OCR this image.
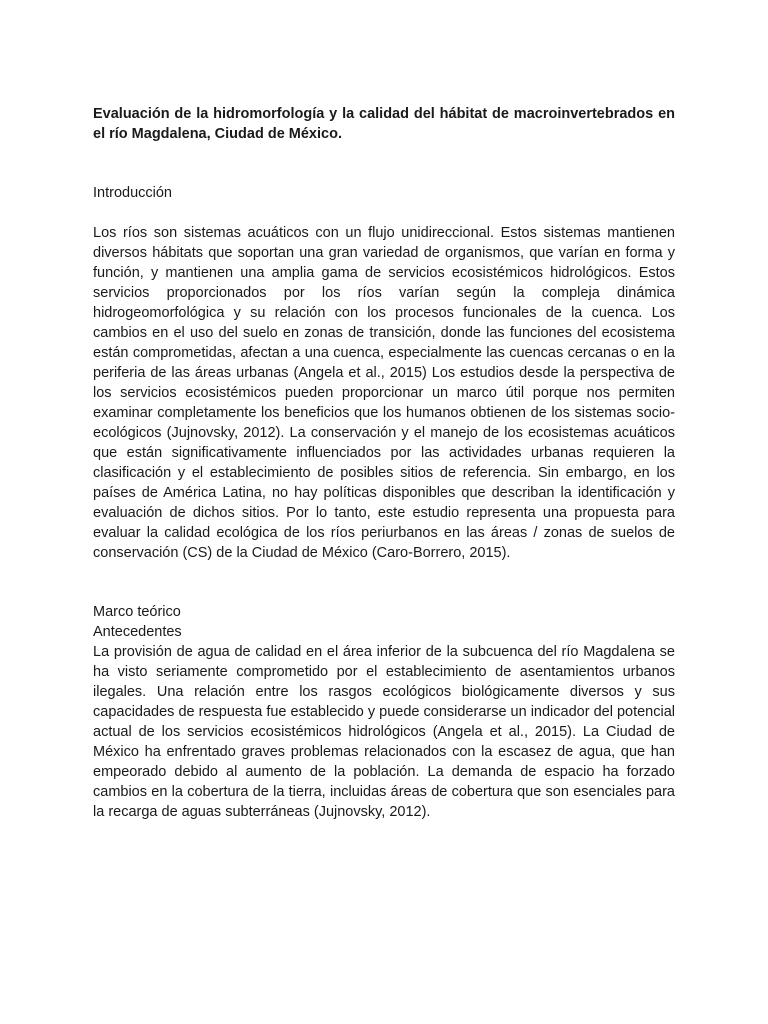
Evaluación de la hidromorfología y la calidad del hábitat de macroinvertebrados en el río Magdalena, Ciudad de México.

Introducción

Los ríos son sistemas acuáticos con un flujo unidireccional. Estos sistemas mantienen diversos hábitats que soportan una gran variedad de organismos, que varían en forma y función, y mantienen una amplia gama de servicios ecosistémicos hidrológicos. Estos servicios proporcionados por los ríos varían según la compleja dinámica hidrogeomorfológica y su relación con los procesos funcionales de la cuenca. Los cambios en el uso del suelo en zonas de transición, donde las funciones del ecosistema están comprometidas, afectan a una cuenca, especialmente las cuencas cercanas o en la periferia de las áreas urbanas (Angela et al., 2015) Los estudios desde la perspectiva de los servicios ecosistémicos pueden proporcionar un marco útil porque nos permiten examinar completamente los beneficios que los humanos obtienen de los sistemas socio-ecológicos (Jujnovsky, 2012). La conservación y el manejo de los ecosistemas acuáticos que están significativamente influenciados por las actividades urbanas requieren la clasificación y el establecimiento de posibles sitios de referencia. Sin embargo, en los países de América Latina, no hay políticas disponibles que describan la identificación y evaluación de dichos sitios. Por lo tanto, este estudio representa una propuesta para evaluar la calidad ecológica de los ríos periurbanos en las áreas / zonas de suelos de conservación (CS) de la Ciudad de México (Caro-Borrero, 2015).

Marco teórico

Antecedentes

La provisión de agua de calidad en el área inferior de la subcuenca del río Magdalena se ha visto seriamente comprometido por el establecimiento de asentamientos urbanos ilegales. Una relación entre los rasgos ecológicos biológicamente diversos y sus capacidades de respuesta fue establecido y puede considerarse un indicador del potencial actual de los servicios ecosistémicos hidrológicos (Angela et al., 2015). La Ciudad de México ha enfrentado graves problemas relacionados con la escasez de agua, que han empeorado debido al aumento de la población. La demanda de espacio ha forzado cambios en la cobertura de la tierra, incluidas áreas de cobertura que son esenciales para la recarga de aguas subterráneas (Jujnovsky, 2012).
